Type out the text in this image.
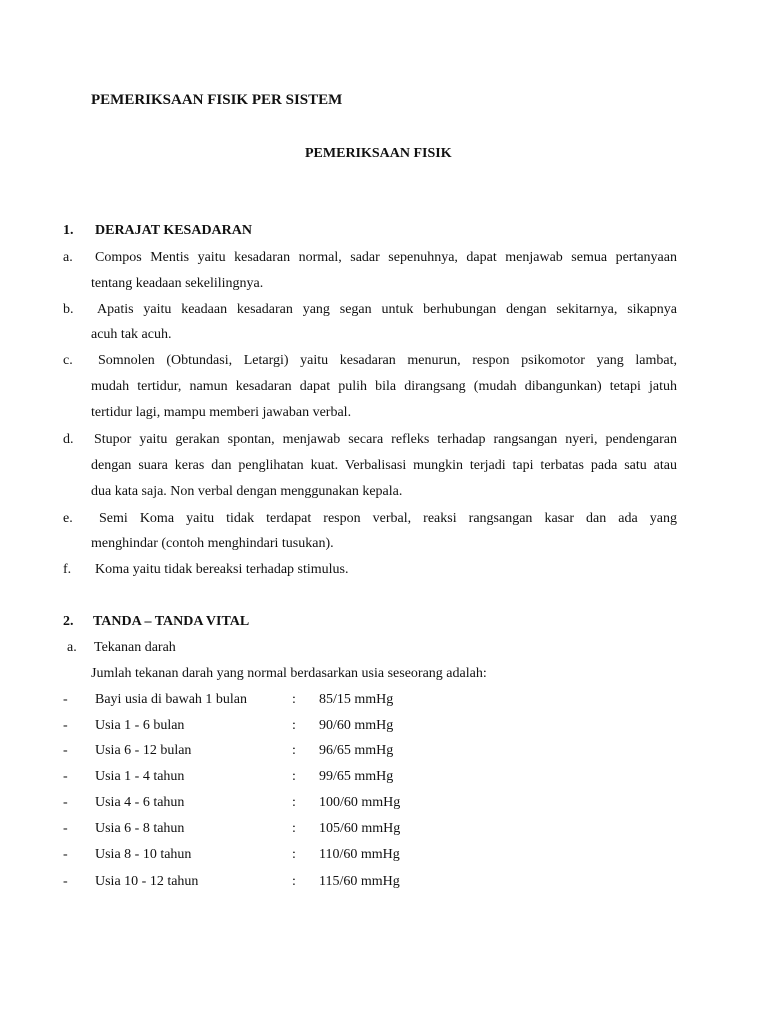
PEMERIKSAAN FISIK PER SISTEM
PEMERIKSAAN FISIK
1. DERAJAT KESADARAN
a. Compos Mentis yaitu kesadaran normal, sadar sepenuhnya, dapat menjawab semua pertanyaan
tentang keadaan sekelilingnya.
b. Apatis yaitu keadaan kesadaran yang segan untuk berhubungan dengan sekitarnya, sikapnya
acuh tak acuh.
c. Somnolen (Obtundasi, Letargi) yaitu kesadaran menurun, respon psikomotor yang lambat,
mudah tertidur, namun kesadaran dapat pulih bila dirangsang (mudah dibangunkan) tetapi jatuh
tertidur lagi, mampu memberi jawaban verbal.
d. Stupor yaitu gerakan spontan, menjawab secara refleks terhadap rangsangan nyeri, pendengaran
dengan suara keras dan penglihatan kuat. Verbalisasi mungkin terjadi tapi terbatas pada satu atau
dua kata saja. Non verbal dengan menggunakan kepala.
e. Semi Koma yaitu tidak terdapat respon verbal, reaksi rangsangan kasar dan ada yang
menghindar (contoh menghindari tusukan).
f. Koma yaitu tidak bereaksi terhadap stimulus.
2. TANDA – TANDA VITAL
a. Tekanan darah
Jumlah tekanan darah yang normal berdasarkan usia seseorang adalah:
- Bayi usia di bawah 1 bulan	: 85/15 mmHg
- Usia 1 - 6 bulan	: 90/60 mmHg
- Usia 6 - 12 bulan	: 96/65 mmHg
- Usia 1 - 4 tahun	: 99/65 mmHg
- Usia 4 - 6 tahun	: 100/60 mmHg
- Usia 6 - 8 tahun	: 105/60 mmHg
- Usia 8 - 10 tahun	: 110/60 mmHg
- Usia 10 - 12 tahun	: 115/60 mmHg
